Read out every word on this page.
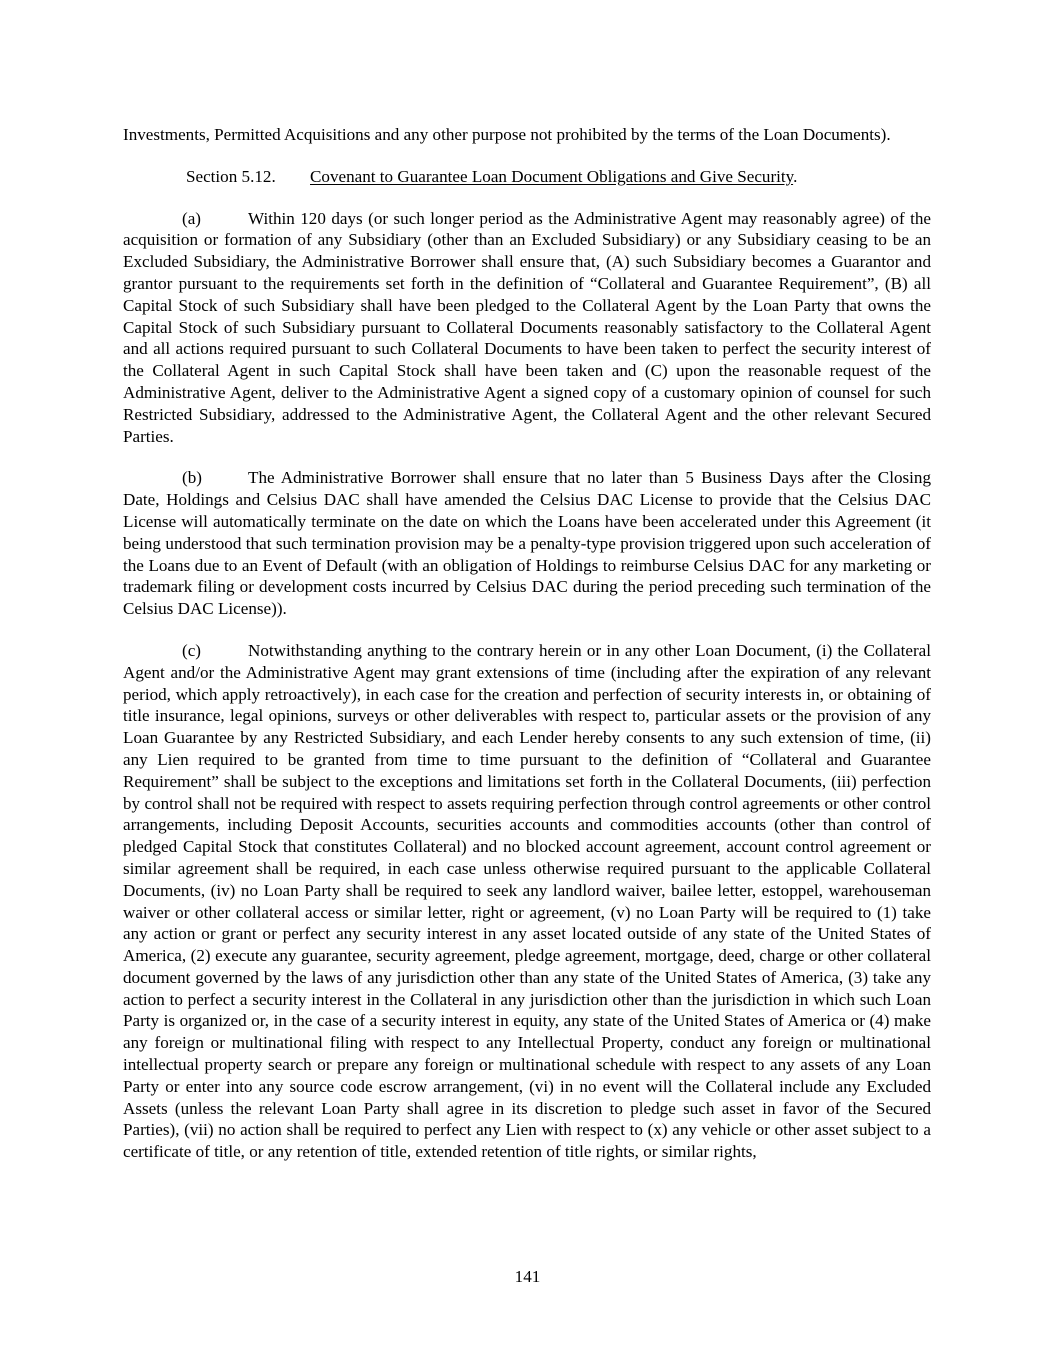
Investments, Permitted Acquisitions and any other purpose not prohibited by the terms of the Loan Documents).

Section 5.12. Covenant to Guarantee Loan Document Obligations and Give Security.

(a)	Within 120 days (or such longer period as the Administrative Agent may reasonably agree) of the acquisition or formation of any Subsidiary (other than an Excluded Subsidiary) or any Subsidiary ceasing to be an Excluded Subsidiary, the Administrative Borrower shall ensure that, (A) such Subsidiary becomes a Guarantor and grantor pursuant to the requirements set forth in the definition of “Collateral and Guarantee Requirement”, (B) all Capital Stock of such Subsidiary shall have been pledged to the Collateral Agent by the Loan Party that owns the Capital Stock of such Subsidiary pursuant to Collateral Documents reasonably satisfactory to the Collateral Agent and all actions required pursuant to such Collateral Documents to have been taken to perfect the security interest of the Collateral Agent in such Capital Stock shall have been taken and (C) upon the reasonable request of the Administrative Agent, deliver to the Administrative Agent a signed copy of a customary opinion of counsel for such Restricted Subsidiary, addressed to the Administrative Agent, the Collateral Agent and the other relevant Secured Parties.

(b)	The Administrative Borrower shall ensure that no later than 5 Business Days after the Closing Date, Holdings and Celsius DAC shall have amended the Celsius DAC License to provide that the Celsius DAC License will automatically terminate on the date on which the Loans have been accelerated under this Agreement (it being understood that such termination provision may be a penalty-type provision triggered upon such acceleration of the Loans due to an Event of Default (with an obligation of Holdings to reimburse Celsius DAC for any marketing or trademark filing or development costs incurred by Celsius DAC during the period preceding such termination of the Celsius DAC License)).

(c)	Notwithstanding anything to the contrary herein or in any other Loan Document, (i) the Collateral Agent and/or the Administrative Agent may grant extensions of time (including after the expiration of any relevant period, which apply retroactively), in each case for the creation and perfection of security interests in, or obtaining of title insurance, legal opinions, surveys or other deliverables with respect to, particular assets or the provision of any Loan Guarantee by any Restricted Subsidiary, and each Lender hereby consents to any such extension of time, (ii) any Lien required to be granted from time to time pursuant to the definition of “Collateral and Guarantee Requirement” shall be subject to the exceptions and limitations set forth in the Collateral Documents, (iii) perfection by control shall not be required with respect to assets requiring perfection through control agreements or other control arrangements, including Deposit Accounts, securities accounts and commodities accounts (other than control of pledged Capital Stock that constitutes Collateral) and no blocked account agreement, account control agreement or similar agreement shall be required, in each case unless otherwise required pursuant to the applicable Collateral Documents, (iv) no Loan Party shall be required to seek any landlord waiver, bailee letter, estoppel, warehouseman waiver or other collateral access or similar letter, right or agreement, (v) no Loan Party will be required to (1) take any action or grant or perfect any security interest in any asset located outside of any state of the United States of America, (2) execute any guarantee, security agreement, pledge agreement, mortgage, deed, charge or other collateral document governed by the laws of any jurisdiction other than any state of the United States of America, (3) take any action to perfect a security interest in the Collateral in any jurisdiction other than the jurisdiction in which such Loan Party is organized or, in the case of a security interest in equity, any state of the United States of America or (4) make any foreign or multinational filing with respect to any Intellectual Property, conduct any foreign or multinational intellectual property search or prepare any foreign or multinational schedule with respect to any assets of any Loan Party or enter into any source code escrow arrangement, (vi) in no event will the Collateral include any Excluded Assets (unless the relevant Loan Party shall agree in its discretion to pledge such asset in favor of the Secured Parties), (vii) no action shall be required to perfect any Lien with respect to (x) any vehicle or other asset subject to a certificate of title, or any retention of title, extended retention of title rights, or similar rights,

141
